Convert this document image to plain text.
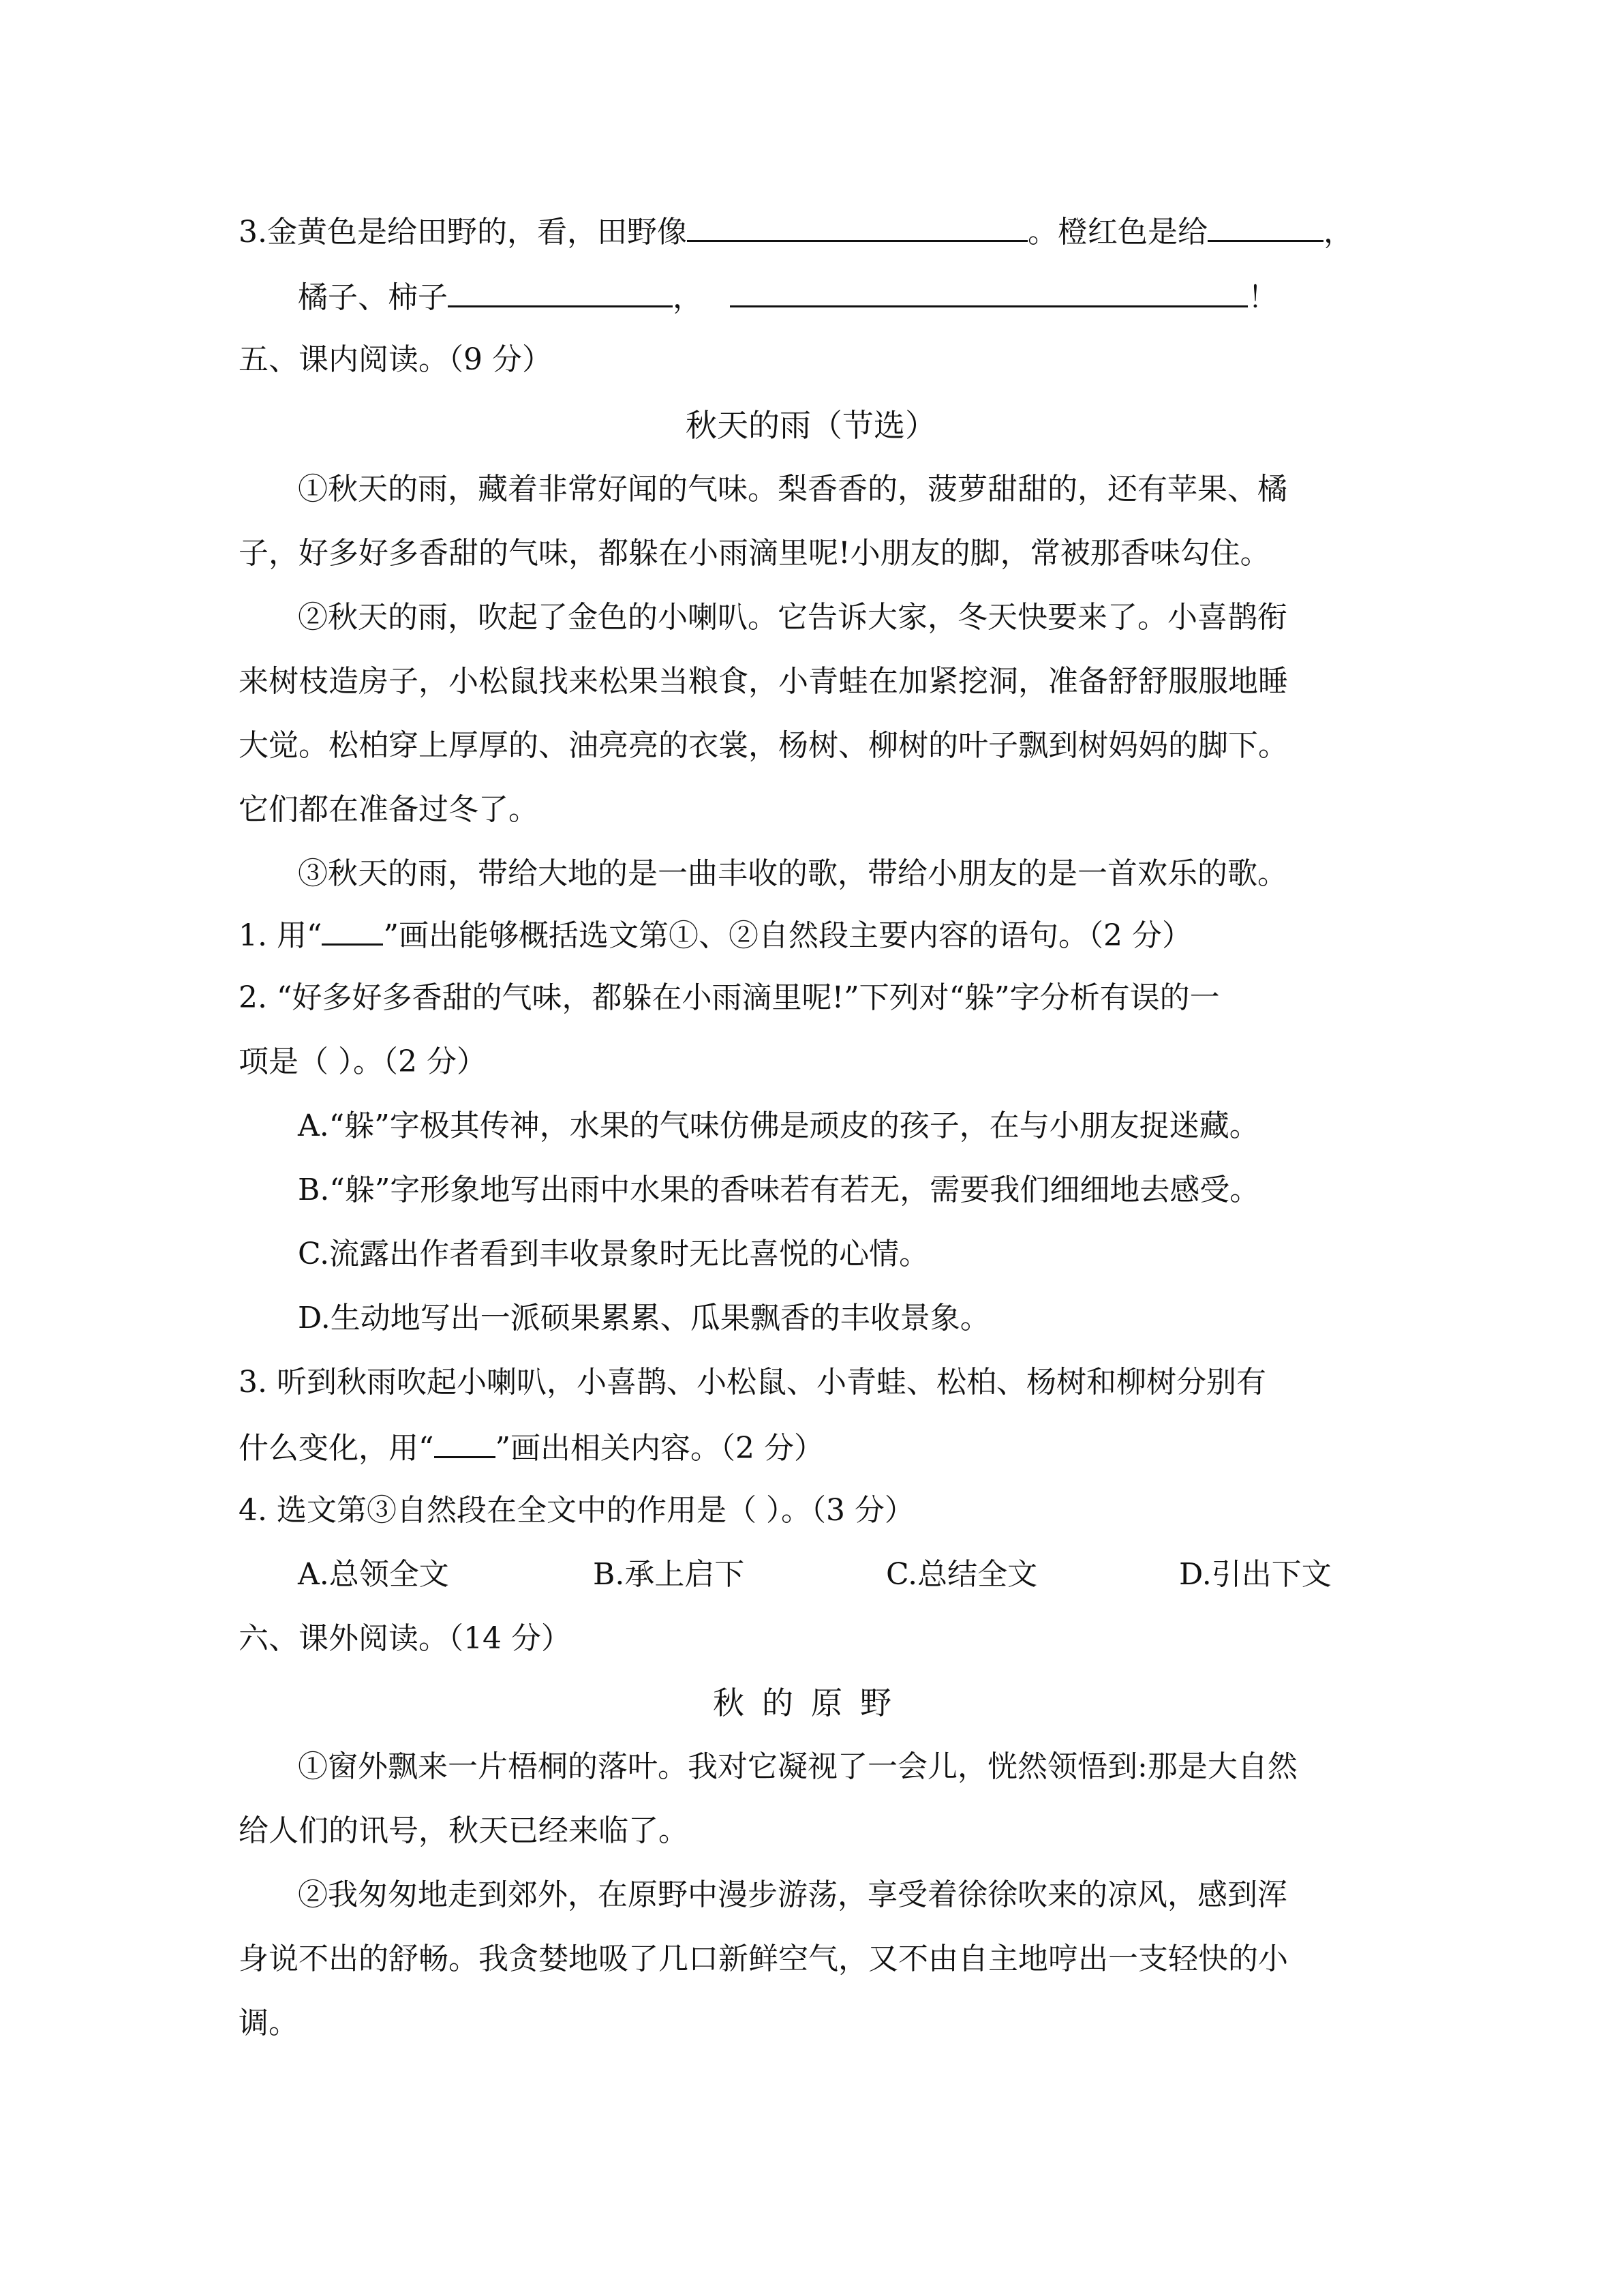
3.金黄色是给田野的，看，田野像	。橙红色是给	，
橘子、柿子	，	！
五、课内阅读。（9 分）
秋天的雨（节选）
①秋天的雨，藏着非常好闻的气味。梨香香的，菠萝甜甜的，还有苹果、橘
子，好多好多香甜的气味，都躲在小雨滴里呢!小朋友的脚，常被那香味勾住。
②秋天的雨，吹起了金色的小喇叭。它告诉大家，冬天快要来了。小喜鹊衔
来树枝造房子，小松鼠找来松果当粮食，小青蛙在加紧挖洞，准备舒舒服服地睡
大觉。松柏穿上厚厚的、油亮亮的衣裳，杨树、柳树的叶子飘到树妈妈的脚下。
它们都在准备过冬了。
③秋天的雨，带给大地的是一曲丰收的歌，带给小朋友的是一首欢乐的歌。
1. 用“ ”画出能够概括选文第①、②自然段主要内容的语句。（2 分）
2. “好多好多香甜的气味，都躲在小雨滴里呢!”下列对“躲”字分析有误的一
项是（ ）。（2 分）
A.“躲”字极其传神，水果的气味仿佛是顽皮的孩子，在与小朋友捉迷藏。
B.“躲”字形象地写出雨中水果的香味若有若无，需要我们细细地去感受。
C.流露出作者看到丰收景象时无比喜悦的心情。
D.生动地写出一派硕果累累、瓜果飘香的丰收景象。
3. 听到秋雨吹起小喇叭，小喜鹊、小松鼠、小青蛙、松柏、杨树和柳树分别有
什么变化，用“ ”画出相关内容。（2 分）
4. 选文第③自然段在全文中的作用是（ ）。（3 分）
A.总领全文	B.承上启下	C.总结全文	D.引出下文
六、课外阅读。（14 分）
秋的原野
①窗外飘来一片梧桐的落叶。我对它凝视了一会儿，恍然领悟到:那是大自然
给人们的讯号，秋天已经来临了。
②我匆匆地走到郊外，在原野中漫步游荡，享受着徐徐吹来的凉风，感到浑
身说不出的舒畅。我贪婪地吸了几口新鲜空气，又不由自主地哼出一支轻快的小
调。
